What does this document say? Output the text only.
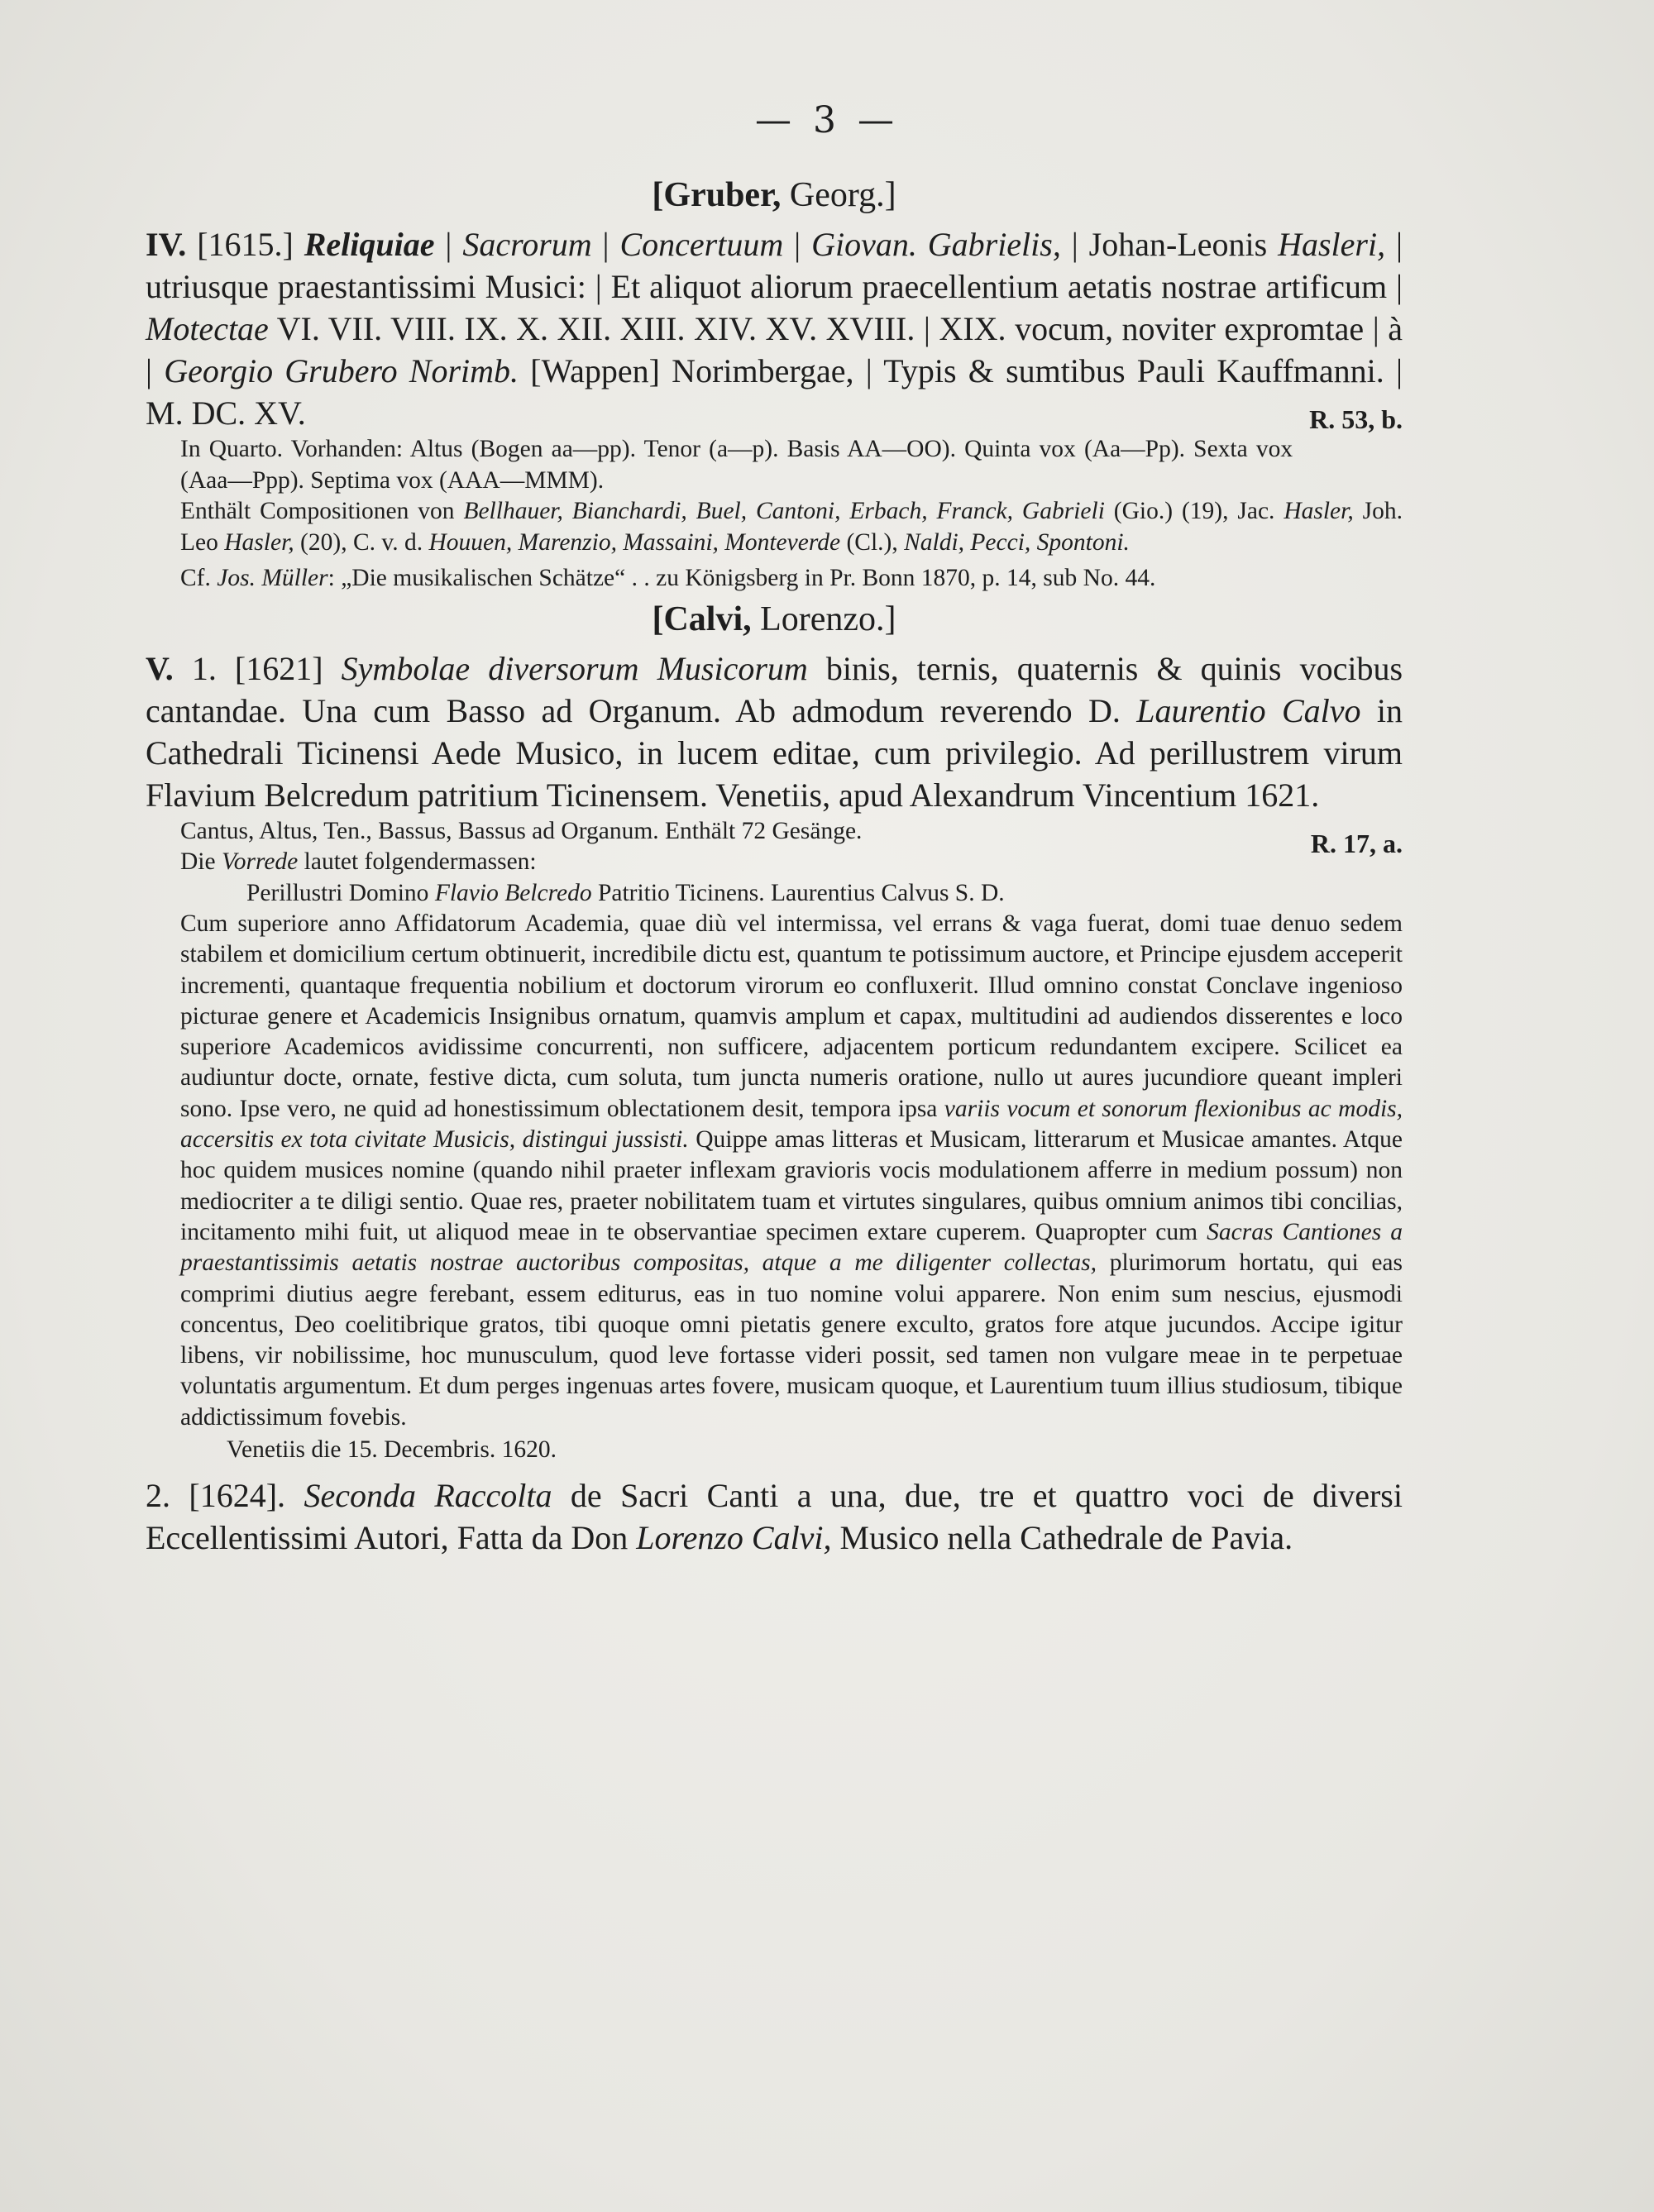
— 3 —
[Gruber, Georg.]

IV. [1615.] Reliquiae | Sacrorum | Concertuum | Giovan. Gabrielis, | Johan-Leonis Hasleri, | utriusque praestantissimi Musici: | Et aliquot aliorum praecellentium aetatis nostrae artificum | Motectae VI. VII. VIII. IX. X. XII. XIII. XIV. XV. XVIII. | XIX. vocum, noviter expromtae | à | Georgio Grubero Norimb. [Wappen] Norimbergae, | Typis & sumtibus Pauli Kauffmanni. | M. DC. XV.	R. 53, b.

In Quarto. Vorhanden: Altus (Bogen aa—pp). Tenor (a—p). Basis AA—OO). Quinta vox (Aa—Pp). Sexta vox (Aaa—Ppp). Septima vox (AAA—MMM).

Enthält Compositionen von Bellhauer, Bianchardi, Buel, Cantoni, Erbach, Franck, Gabrieli (Gio.) (19), Jac. Hasler, Joh. Leo Hasler, (20), C. v. d. Houuen, Marenzio, Massaini, Monteverde (Cl.), Naldi, Pecci, Spontoni.

Cf. Jos. Müller: „Die musikalischen Schätze“ . . zu Königsberg in Pr. Bonn 1870, p. 14, sub No. 44.

[Calvi, Lorenzo.]

V. 1. [1621] Symbolae diversorum Musicorum binis, ternis, quaternis & quinis vocibus cantandae. Una cum Basso ad Organum. Ab admodum reverendo D. Laurentio Calvo in Cathedrali Ticinensi Aede Musico, in lucem editae, cum privilegio. Ad perillustrem virum Flavium Belcredum patritium Ticinensem. Venetiis, apud Alexandrum Vincentium 1621.
R. 17, a.

Cantus, Altus, Ten., Bassus, Bassus ad Organum. Enthält 72 Gesänge.

Die Vorrede lautet folgendermassen:

Perillustri Domino Flavio Belcredo Patritio Ticinens. Laurentius Calvus S. D.

Cum superiore anno Affidatorum Academia, quae diù vel intermissa, vel errans & vaga fuerat, domi tuae denuo sedem stabilem et domicilium certum obtinuerit, incredibile dictu est, quantum te potissimum auctore, et Principe ejusdem acceperit incrementi, quantaque frequentia nobilium et doctorum virorum eo confluxerit. Illud omnino constat Conclave ingenioso picturae genere et Academicis Insignibus ornatum, quamvis amplum et capax, multitudini ad audiendos disserentes e loco superiore Academicos avidissime concurrenti, non sufficere, adjacentem porticum redundantem excipere. Scilicet ea audiuntur docte, ornate, festive dicta, cum soluta, tum juncta numeris oratione, nullo ut aures jucundiore queant impleri sono. Ipse vero, ne quid ad honestissimum oblectationem desit, tempora ipsa variis vocum et sonorum flexionibus ac modis, accersitis ex tota civitate Musicis, distingui jussisti. Quippe amas litteras et Musicam, litterarum et Musicae amantes. Atque hoc quidem musices nomine (quando nihil praeter inflexam gravioris vocis modulationem afferre in medium possum) non mediocriter a te diligi sentio. Quae res, praeter nobilitatem tuam et virtutes singulares, quibus omnium animos tibi concilias, incitamento mihi fuit, ut aliquod meae in te observantiae specimen extare cuperem. Quapropter cum Sacras Cantiones a praestantissimis aetatis nostrae auctoribus compositas, atque a me diligenter collectas, plurimorum hortatu, qui eas comprimi diutius aegre ferebant, essem editurus, eas in tuo nomine volui apparere. Non enim sum nescius, ejusmodi concentus, Deo coelitibrique gratos, tibi quoque omni pietatis genere exculto, gratos fore atque jucundos. Accipe igitur libens, vir nobilissime, hoc munusculum, quod leve fortasse videri possit, sed tamen non vulgare meae in te perpetuae voluntatis argumentum. Et dum perges ingenuas artes fovere, musicam quoque, et Laurentium tuum illius studiosum, tibique addictissimum fovebis.

Venetiis die 15. Decembris. 1620.

2. [1624]. Seconda Raccolta de Sacri Canti a una, due, tre et quattro voci de diversi Eccellentissimi Autori, Fatta da Don Lorenzo Calvi, Musico nella Cathedrale de Pavia.
